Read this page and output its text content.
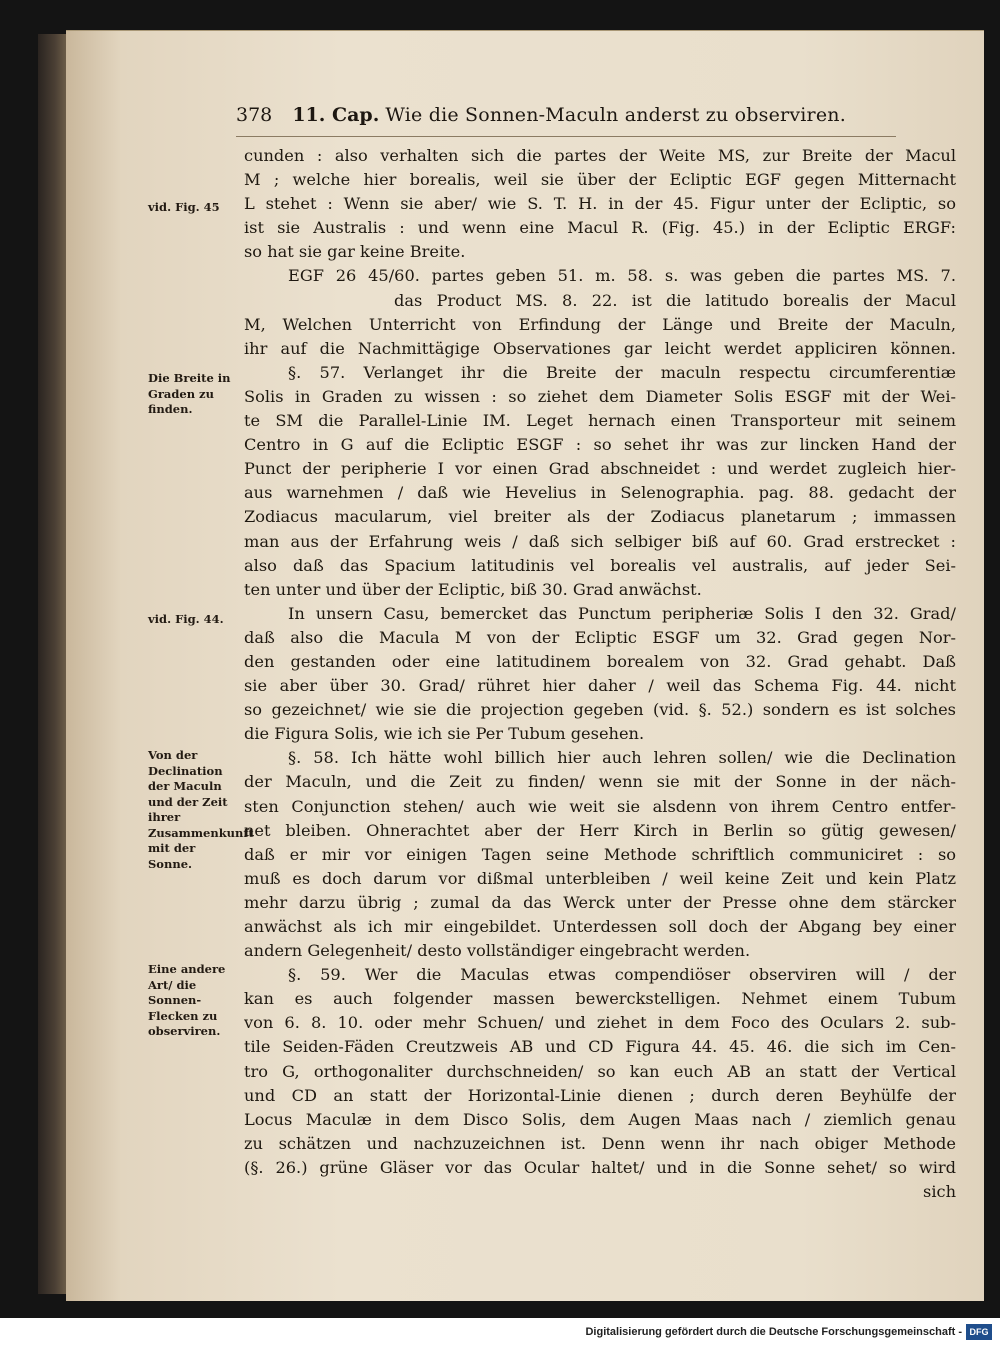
378 11. Cap. Wie die Sonnen-Maculn anderst zu observiren.
vid. Fig. 45
Die Breite in Graden zu finden.
vid. Fig. 44.
Von der Declination der Maculn und der Zeit ihrer Zusammenkunft mit der Sonne.
Eine andere Art/ die Sonnen-Flecken zu observiren.
cunden : also verhalten sich die partes der Weite MS, zur Breite der Macul
M ; welche hier borealis, weil sie über der Ecliptic EGF gegen Mitternacht
L stehet : Wenn sie aber/ wie S. T. H. in der 45. Figur unter der Ecliptic, so
ist sie Australis : und wenn eine Macul R. (Fig. 45.) in der Ecliptic ERGF:
so hat sie gar keine Breite.
EGF 26 45/60. partes geben 51. m. 58. s. was geben die partes MS. 7.
das Product MS. 8. 22. ist die latitudo borealis der Macul
M, Welchen Unterricht von Erfindung der Länge und Breite der Maculn,
ihr auf die Nachmittägige Observationes gar leicht werdet appliciren können.
§. 57. Verlanget ihr die Breite der maculn respectu circumferentiæ
Solis in Graden zu wissen : so ziehet dem Diameter Solis ESGF mit der Wei-
te SM die Parallel-Linie IM. Leget hernach einen Transporteur mit seinem
Centro in G auf die Ecliptic ESGF : so sehet ihr was zur lincken Hand der
Punct der peripherie I vor einen Grad abschneidet : und werdet zugleich hier-
aus warnehmen / daß wie Hevelius in Selenographia. pag. 88. gedacht der
Zodiacus macularum, viel breiter als der Zodiacus planetarum ; immassen
man aus der Erfahrung weis / daß sich selbiger biß auf 60. Grad erstrecket :
also daß das Spacium latitudinis vel borealis vel australis, auf jeder Sei-
ten unter und über der Ecliptic, biß 30. Grad anwächst.
In unsern Casu, bemercket das Punctum peripheriæ Solis I den 32. Grad/
daß also die Macula M von der Ecliptic ESGF um 32. Grad gegen Nor-
den gestanden oder eine latitudinem borealem von 32. Grad gehabt. Daß
sie aber über 30. Grad/ rühret hier daher / weil das Schema Fig. 44. nicht
so gezeichnet/ wie sie die projection gegeben (vid. §. 52.) sondern es ist solches
die Figura Solis, wie ich sie Per Tubum gesehen.
§. 58. Ich hätte wohl billich hier auch lehren sollen/ wie die Declination
der Maculn, und die Zeit zu finden/ wenn sie mit der Sonne in der näch-
sten Conjunction stehen/ auch wie weit sie alsdenn von ihrem Centro entfer-
net bleiben. Ohnerachtet aber der Herr Kirch in Berlin so gütig gewesen/
daß er mir vor einigen Tagen seine Methode schriftlich communiciret : so
muß es doch darum vor dißmal unterbleiben / weil keine Zeit und kein Platz
mehr darzu übrig ; zumal da das Werck unter der Presse ohne dem stärcker
anwächst als ich mir eingebildet. Unterdessen soll doch der Abgang bey einer
andern Gelegenheit/ desto vollständiger eingebracht werden.
§. 59. Wer die Maculas etwas compendiöser observiren will / der
kan es auch folgender massen bewerckstelligen. Nehmet einem Tubum
von 6. 8. 10. oder mehr Schuen/ und ziehet in dem Foco des Oculars 2. sub-
tile Seiden-Fäden Creutzweis AB und CD Figura 44. 45. 46. die sich im Cen-
tro G, orthogonaliter durchschneiden/ so kan euch AB an statt der Vertical
und CD an statt der Horizontal-Linie dienen ; durch deren Beyhülfe der
Locus Maculæ in dem Disco Solis, dem Augen Maas nach / ziemlich genau
zu schätzen und nachzuzeichnen ist. Denn wenn ihr nach obiger Methode
(§. 26.) grüne Gläser vor das Ocular haltet/ und in die Sonne sehet/ so wird
sich
Digitalisierung gefördert durch die Deutsche Forschungsgemeinschaft - DFG
